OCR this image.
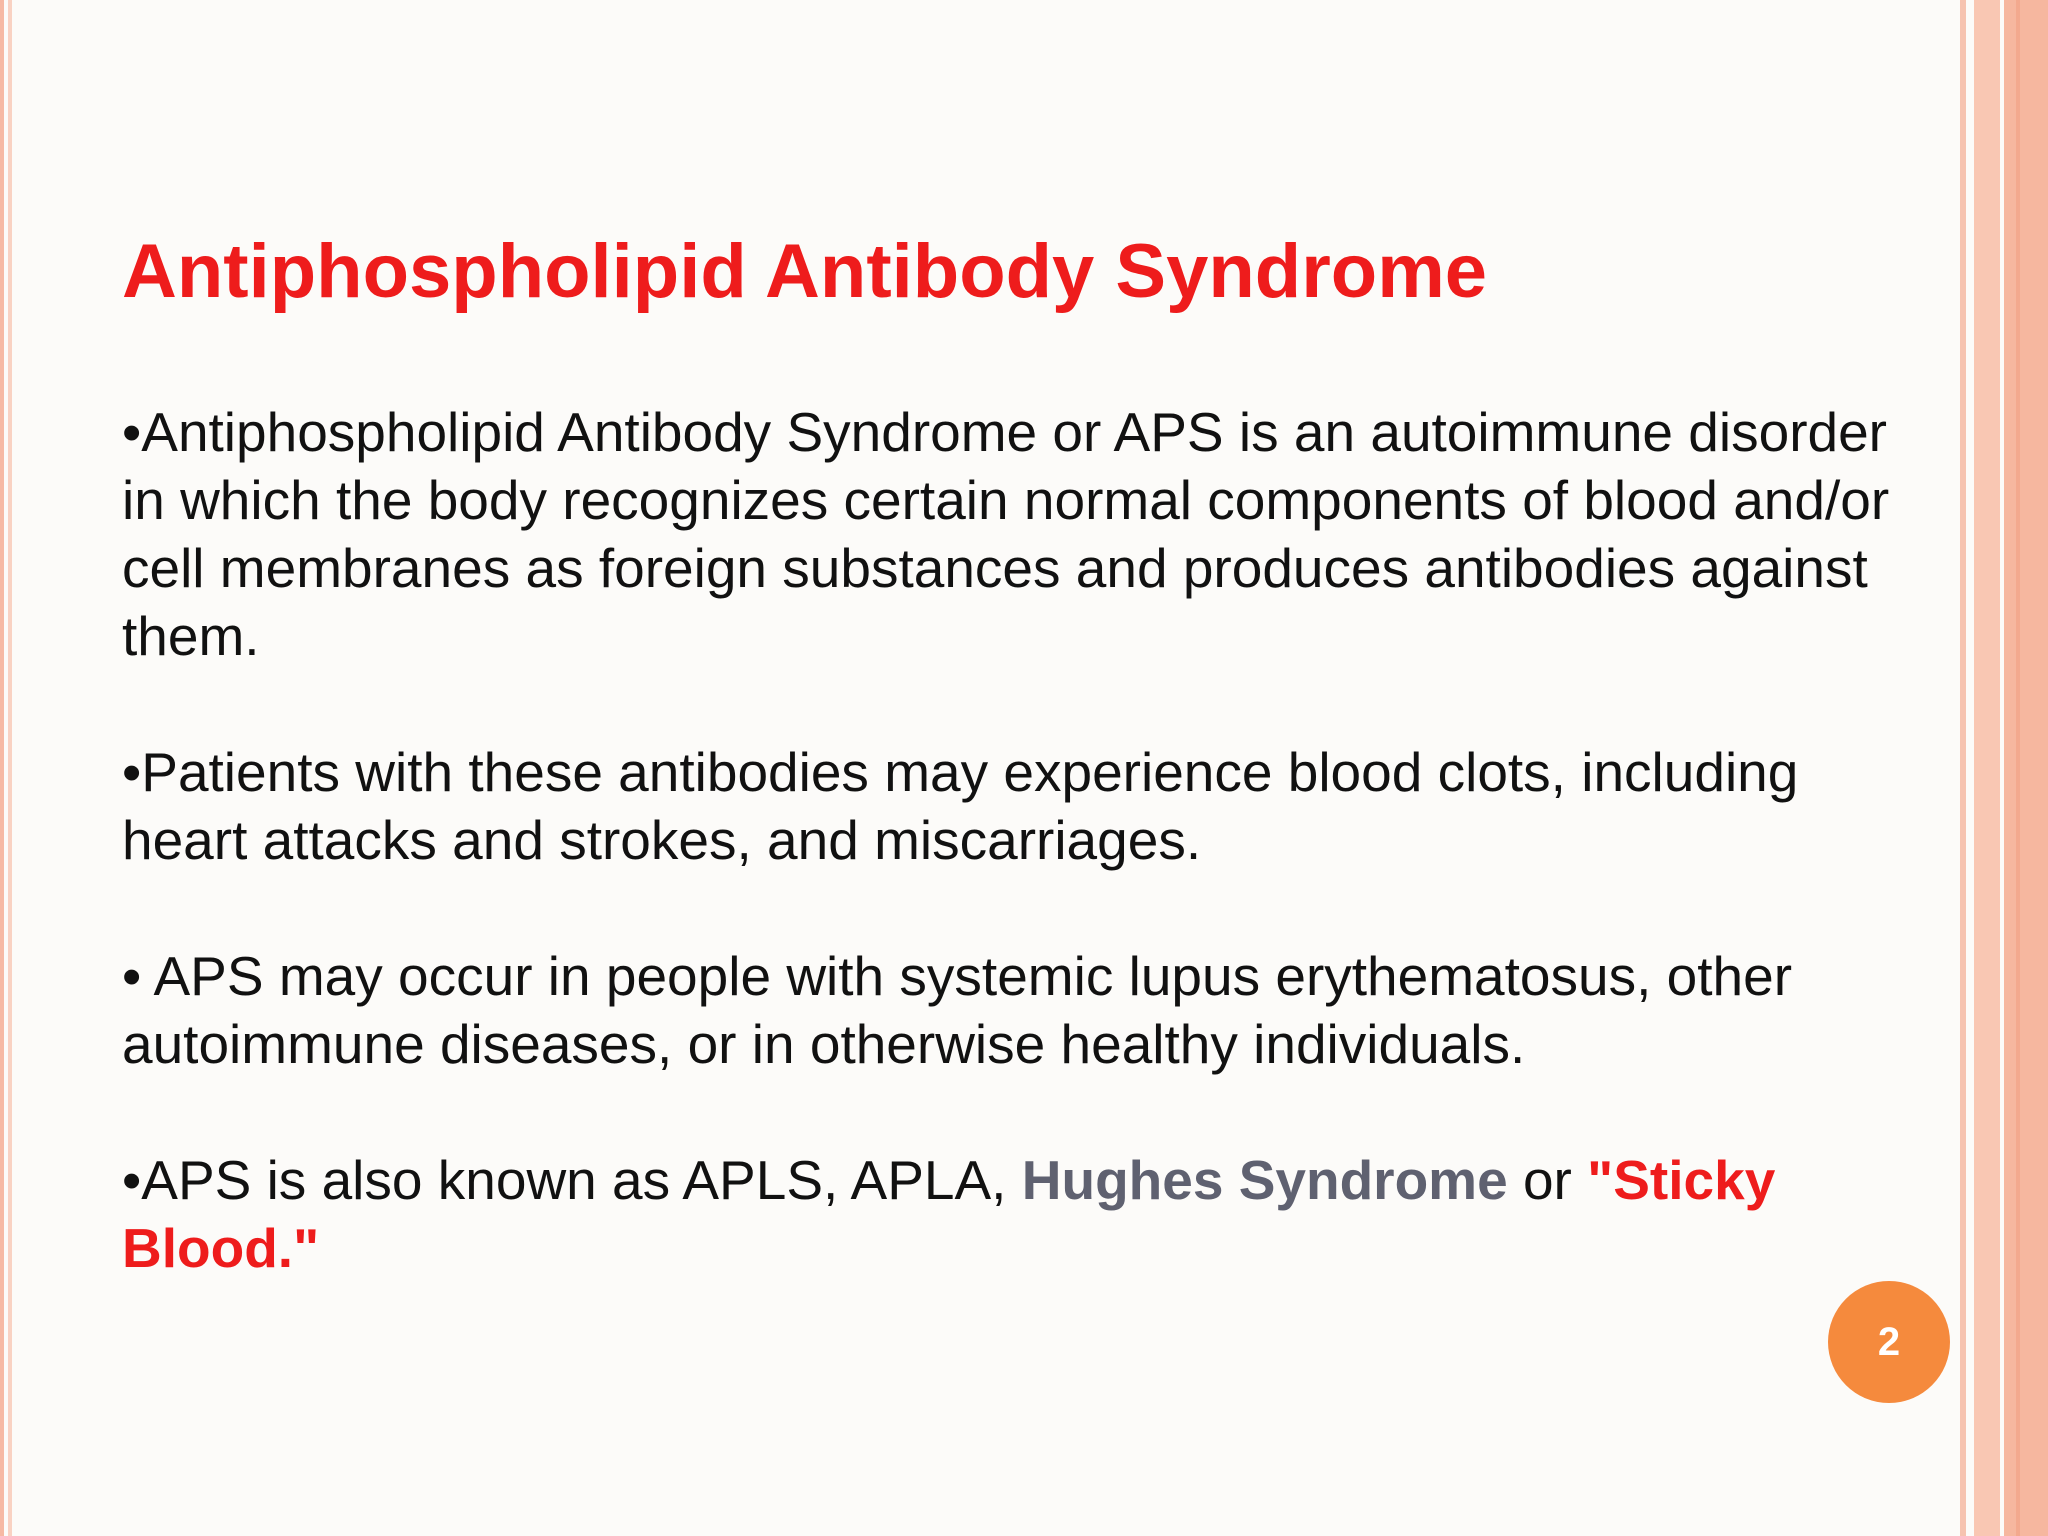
Antiphospholipid Antibody Syndrome

•Antiphospholipid Antibody Syndrome or APS is an autoimmune disorder in which the body recognizes certain normal components of blood and/or cell membranes as foreign substances and produces antibodies against them.

•Patients with these antibodies may experience blood clots, including heart attacks and strokes, and miscarriages.

• APS may occur in people with systemic lupus erythematosus, other autoimmune diseases, or in otherwise healthy individuals.

•APS is also known as APLS, APLA, Hughes Syndrome or "Sticky Blood."

2
